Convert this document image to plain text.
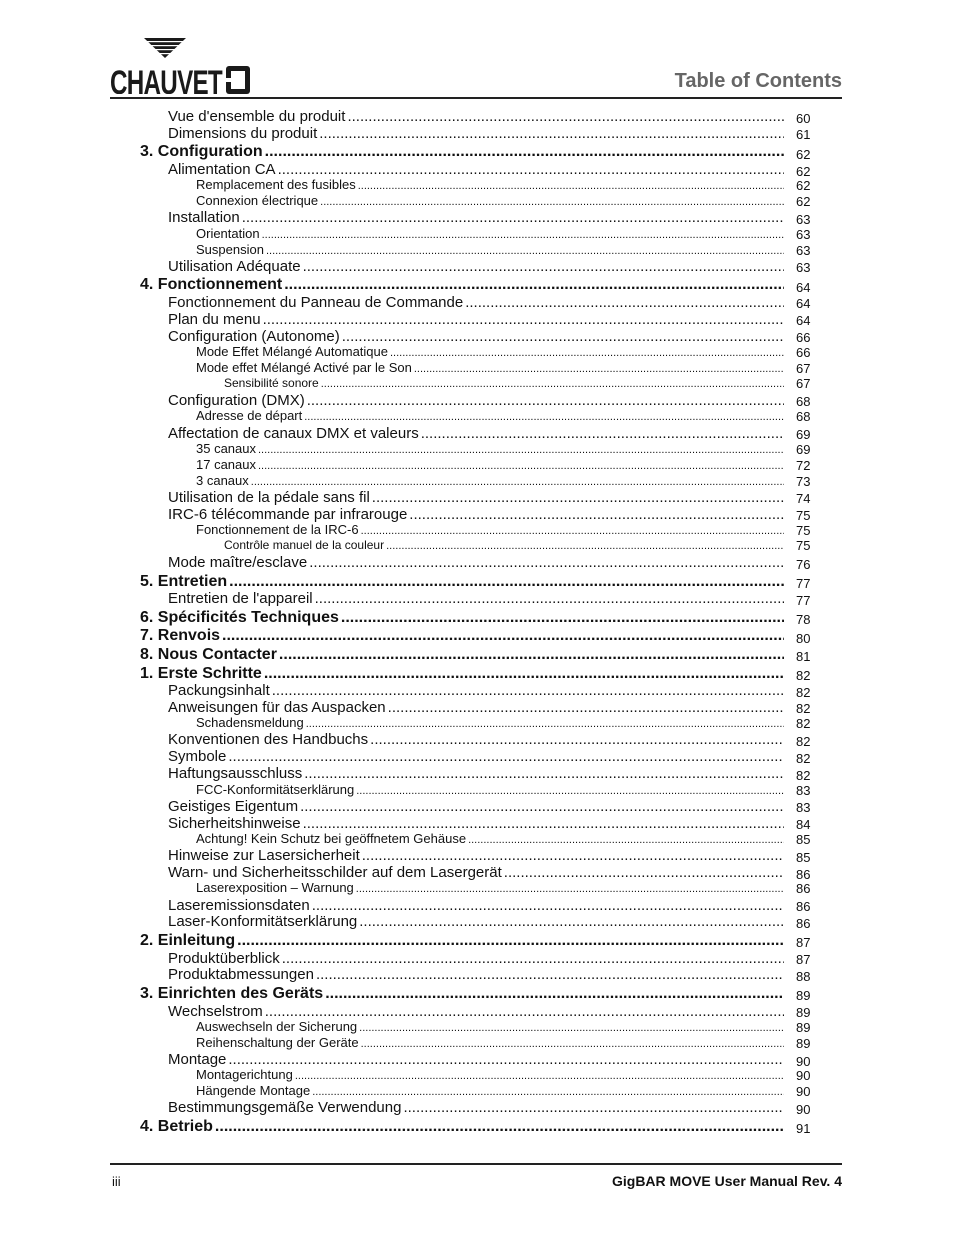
CHAUVET	Table of Contents
Vue d'ensemble du produit .....	60
Dimensions du produit .....	61
3. Configuration .....	62
Alimentation CA .....	62
Remplacement des fusibles .....	62
Connexion électrique .....	62
Installation .....	63
Orientation .....	63
Suspension .....	63
Utilisation Adéquate .....	63
4. Fonctionnement .....	64
Fonctionnement du Panneau de Commande .....	64
Plan du menu .....	64
Configuration (Autonome) .....	66
Mode Effet Mélangé Automatique .....	66
Mode effet Mélangé Activé par le Son .....	67
Sensibilité sonore .....	67
Configuration (DMX) .....	68
Adresse de départ .....	68
Affectation de canaux DMX et valeurs .....	69
35 canaux .....	69
17 canaux .....	72
3 canaux .....	73
Utilisation de la pédale sans fil .....	74
IRC-6 télécommande par infrarouge .....	75
Fonctionnement de la IRC-6 .....	75
Contrôle manuel de la couleur .....	75
Mode maître/esclave .....	76
5. Entretien .....	77
Entretien de l'appareil .....	77
6. Spécificités Techniques .....	78
7. Renvois .....	80
8. Nous Contacter .....	81
1. Erste Schritte .....	82
Packungsinhalt .....	82
Anweisungen für das Auspacken .....	82
Schadensmeldung .....	82
Konventionen des Handbuchs .....	82
Symbole .....	82
Haftungsausschluss .....	82
FCC-Konformitätserklärung .....	83
Geistiges Eigentum .....	83
Sicherheitshinweise .....	84
Achtung! Kein Schutz bei geöffnetem Gehäuse .....	85
Hinweise zur Lasersicherheit .....	85
Warn- und Sicherheitsschilder auf dem Lasergerät .....	86
Laserexposition – Warnung .....	86
Laseremissionsdaten .....	86
Laser-Konformitätserklärung .....	86
2. Einleitung .....	87
Produktüberblick .....	87
Produktabmessungen .....	88
3. Einrichten des Geräts .....	89
Wechselstrom .....	89
Auswechseln der Sicherung .....	89
Reihenschaltung der Geräte .....	89
Montage .....	90
Montagerichtung .....	90
Hängende Montage .....	90
Bestimmungsgemäße Verwendung .....	90
4. Betrieb .....	91
iii	GigBAR MOVE User Manual Rev. 4
